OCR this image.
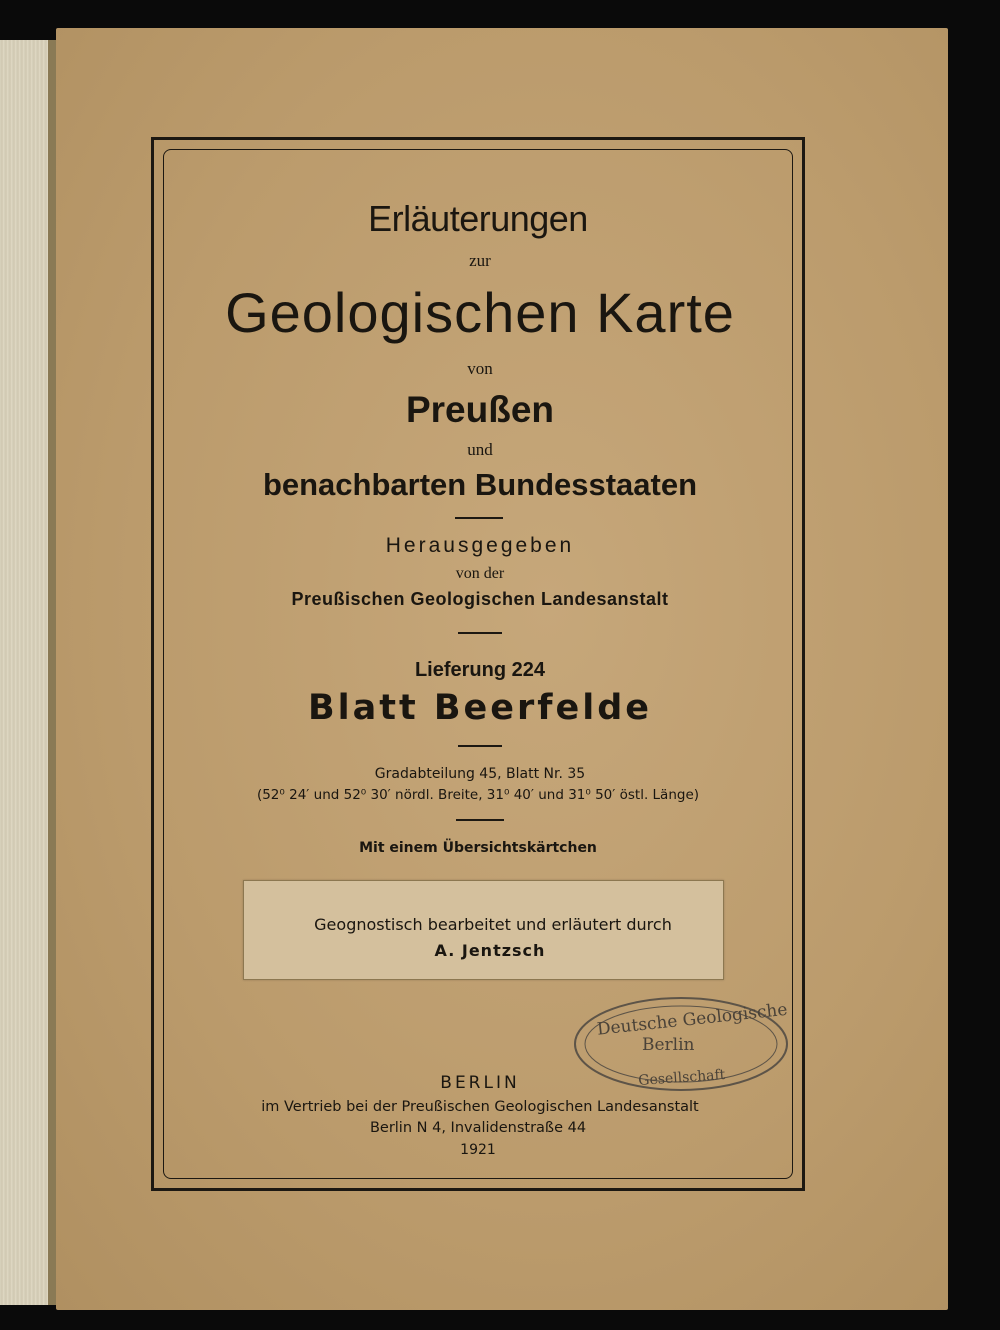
Erläuterungen
zur
Geologischen Karte
von
Preußen
und
benachbarten Bundesstaaten
Herausgegeben
von der
Preußischen Geologischen Landesanstalt
Lieferung 224
Blatt Beerfelde
Gradabteilung 45, Blatt Nr. 35
(52⁰ 24′ und 52⁰ 30′ nördl. Breite, 31⁰ 40′ und 31⁰ 50′ östl. Länge)
Mit einem Übersichtskärtchen
Geognostisch bearbeitet und erläutert durch
A. Jentzsch
Deutsche Geologische
Berlin
Gesellschaft
BERLIN
im Vertrieb bei der Preußischen Geologischen Landesanstalt
Berlin N 4, Invalidenstraße 44
1921
